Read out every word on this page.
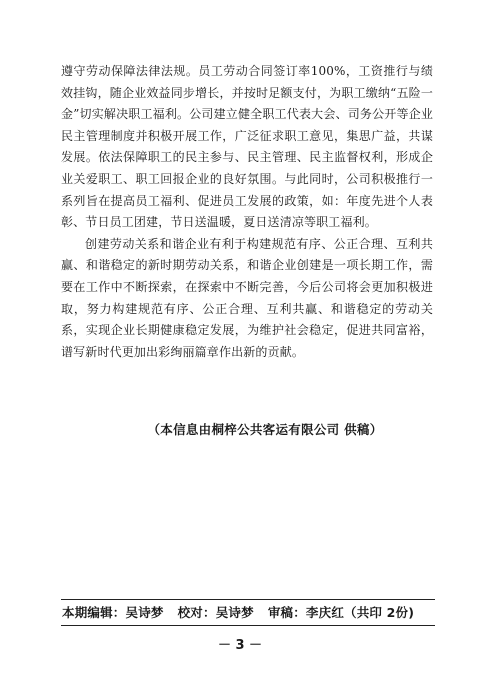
遵守劳动保障法律法规。员工劳动合同签订率100%，工资推行与绩效挂钩，随企业效益同步增长，并按时足额支付，为职工缴纳“五险一金”切实解决职工福利。公司建立健全职工代表大会、司务公开等企业民主管理制度并积极开展工作，广泛征求职工意见，集思广益，共谋发展。依法保障职工的民主参与、民主管理、民主监督权利，形成企业关爱职工、职工回报企业的良好氛围。与此同时，公司积极推行一系列旨在提高员工福利、促进员工发展的政策，如：年度先进个人表彰、节日员工团建，节日送温暖，夏日送清凉等职工福利。

创建劳动关系和谐企业有利于构建规范有序、公正合理、互利共赢、和谐稳定的新时期劳动关系，和谐企业创建是一项长期工作，需要在工作中不断探索，在探索中不断完善，今后公司将会更加积极进取，努力构建规范有序、公正合理、互利共赢、和谐稳定的劳动关系，实现企业长期健康稳定发展，为维护社会稳定，促进共同富裕，谱写新时代更加出彩绚丽篇章作出新的贡献。

（本信息由桐梓公共客运有限公司 供稿）
本期编辑：吴诗梦 校对：吴诗梦 审稿：李庆红（共印 2份)
－ 3 －
